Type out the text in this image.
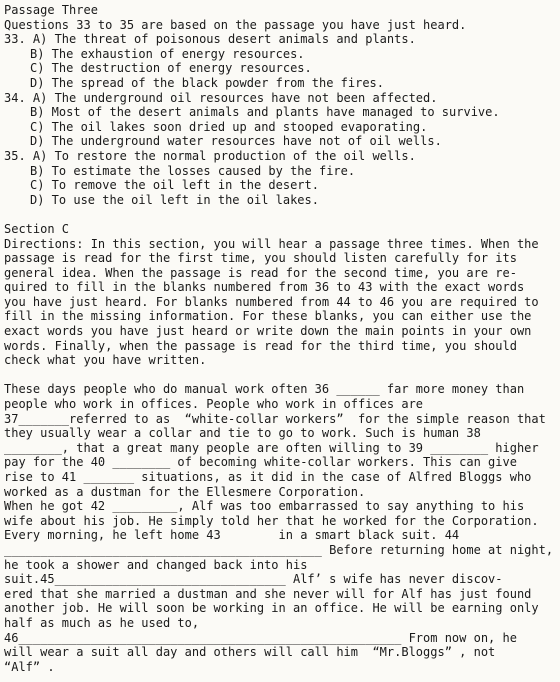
Passage Three
Questions 33 to 35 are based on the passage you have just heard.
33. A) The threat of poisonous desert animals and plants.
B) The exhaustion of energy resources.
C) The destruction of energy resources.
D) The spread of the black powder from the fires.
34. A) The underground oil resources have not been affected.
B) Most of the desert animals and plants have managed to survive.
C) The oil lakes soon dried up and stooped evaporating.
D) The underground water resources have not of oil wells.
35. A) To restore the normal production of the oil wells.
B) To estimate the losses caused by the fire.
C) To remove the oil left in the desert.
D) To use the oil left in the oil lakes.
Section C
Directions: In this section, you will hear a passage three times. When the
passage is read for the first time, you should listen carefully for its
general idea. When the passage is read for the second time, you are re-
quired to fill in the blanks numbered from 36 to 43 with the exact words
you have just heard. For blanks numbered from 44 to 46 you are required to
fill in the missing information. For these blanks, you can either use the
exact words you have just heard or write down the main points in your own
words. Finally, when the passage is read for the third time, you should
check what you have written.
These days people who do manual work often 36 ______ far more money than
people who work in offices. People who work in offices are
37_______referred to as  “white-collar workers”  for the simple reason that
they usually wear a collar and tie to go to work. Such is human 38
________, that a great many people are often willing to 39 ________ higher
pay for the 40 ________ of becoming white-collar workers. This can give
rise to 41 _______ situations, as it did in the case of Alfred Bloggs who
worked as a dustman for the Ellesmere Corporation.
When he got 42 _________, Alf was too embarrassed to say anything to his
wife about his job. He simply told her that he worked for the Corporation.
Every morning, he left home 43        in a smart black suit. 44
____________________________________________ Before returning home at night,
he took a shower and changed back into his
suit.45________________________________ Alf’ s wife has never discov-
ered that she married a dustman and she never will for Alf has just found
another job. He will soon be working in an office. He will be earning only
half as much as he used to,
46_____________________________________________________ From now on, he
will wear a suit all day and others will call him  “Mr.Bloggs” , not
“Alf” .
